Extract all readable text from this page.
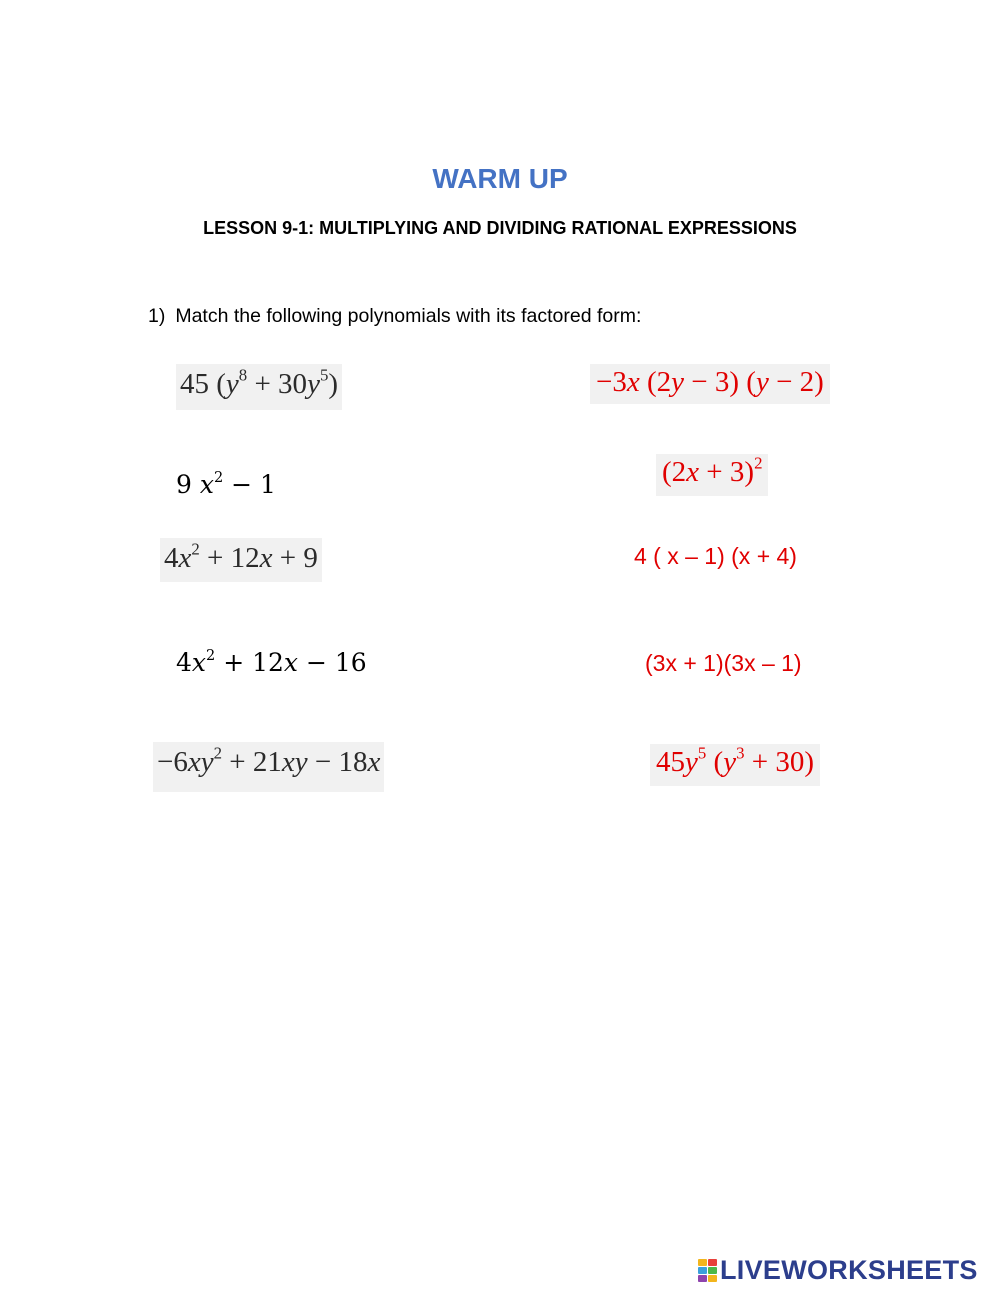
WARM UP
LESSON 9-1: MULTIPLYING AND DIVIDING RATIONAL EXPRESSIONS
1) Match the following polynomials with its factored form:
45 $(y^8 + 30y^5)$
9 $x^2 - 1$
$4x^2 + 12x + 9$
$4x^2 + 12x - 16$
$-6xy^2 + 21xy - 18x$
−3x (2y − 3) (y − 2)
$(2x + 3)^2$
4 ( x – 1) (x + 4)
(3x + 1)(3x – 1)
$45y^5$ $(y^3 + 30)$
LIVEWORKSHEETS
